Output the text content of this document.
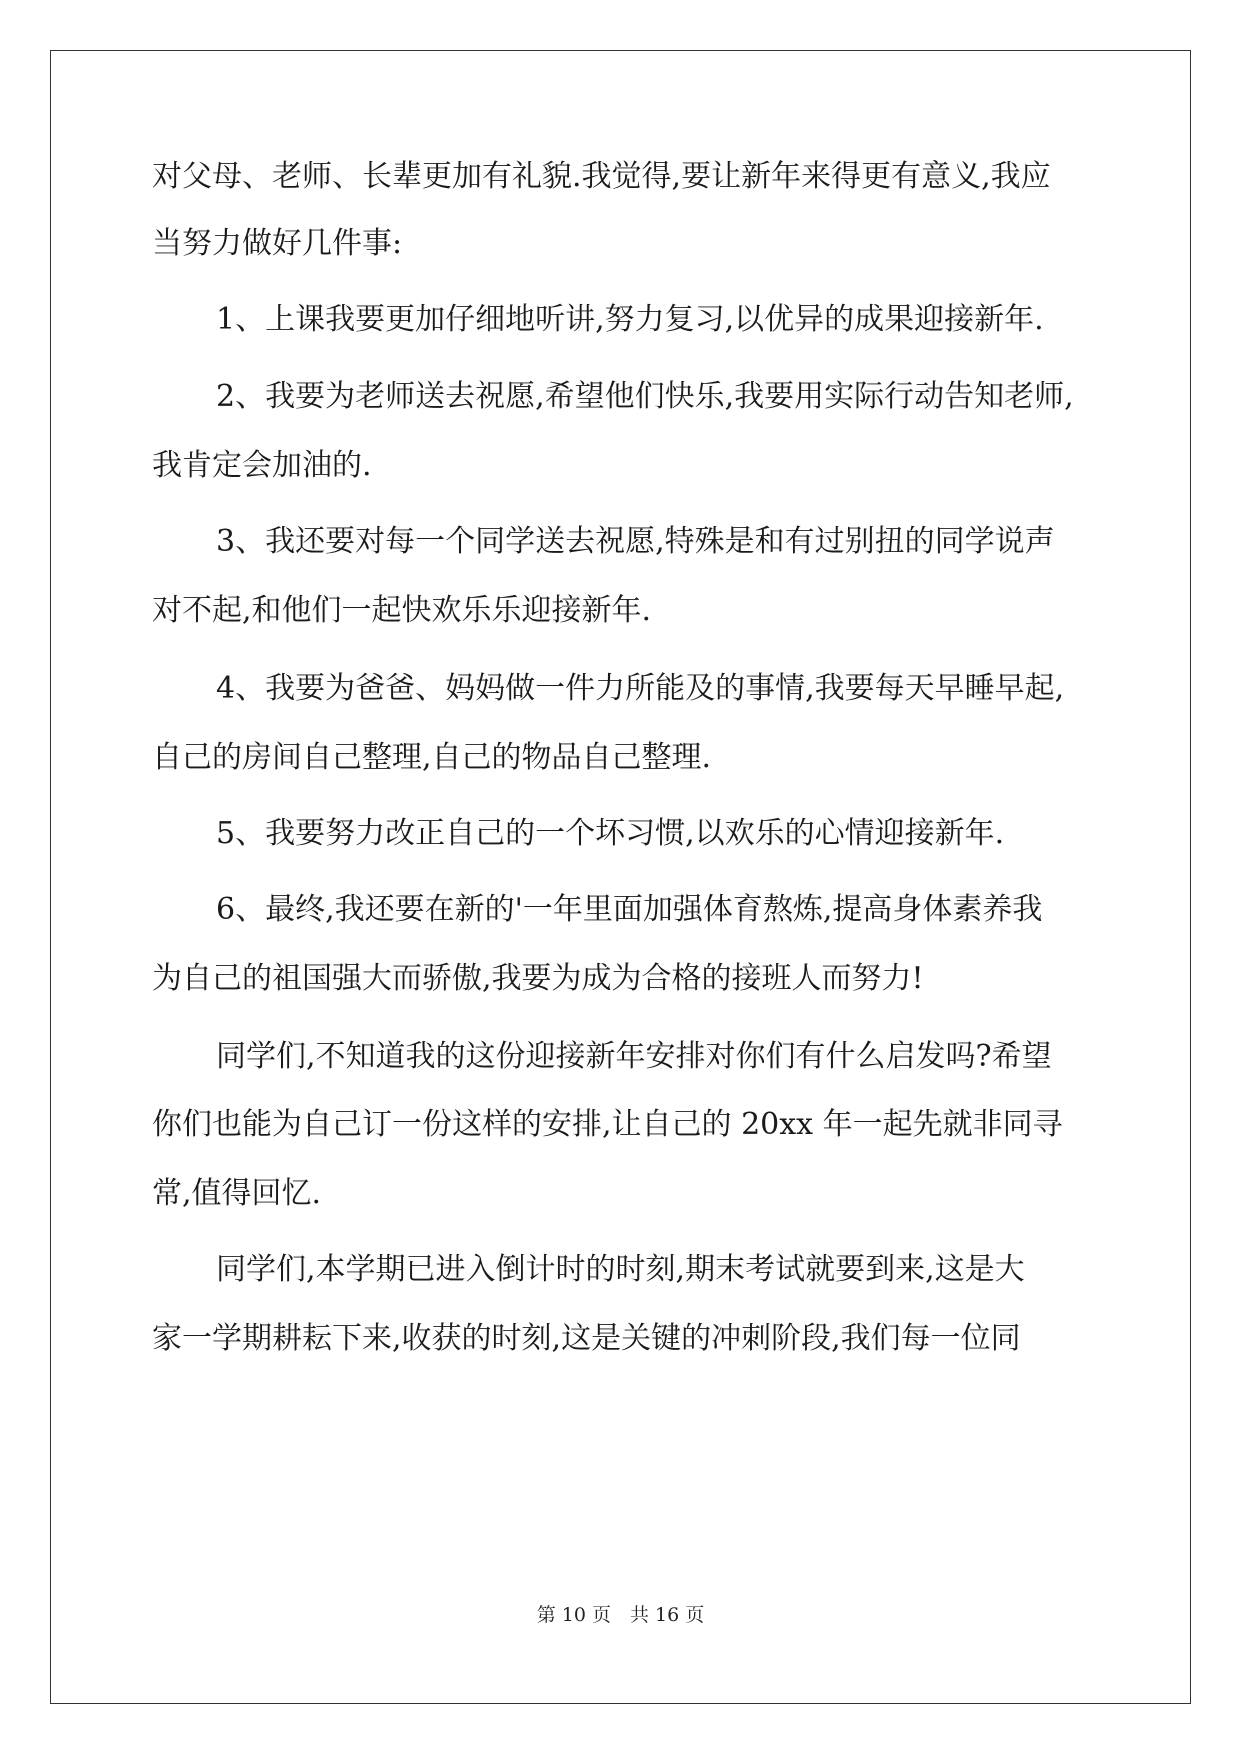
对父母、老师、长辈更加有礼貌.我觉得,要让新年来得更有意义,我应
当努力做好几件事:
1、上课我要更加仔细地听讲,努力复习,以优异的成果迎接新年.
2、我要为老师送去祝愿,希望他们快乐,我要用实际行动告知老师,
我肯定会加油的.
3、我还要对每一个同学送去祝愿,特殊是和有过别扭的同学说声
对不起,和他们一起快欢乐乐迎接新年.
4、我要为爸爸、妈妈做一件力所能及的事情,我要每天早睡早起,
自己的房间自己整理,自己的物品自己整理.
5、我要努力改正自己的一个坏习惯,以欢乐的心情迎接新年.
6、最终,我还要在新的'一年里面加强体育熬炼,提高身体素养我
为自己的祖国强大而骄傲,我要为成为合格的接班人而努力!
同学们,不知道我的这份迎接新年安排对你们有什么启发吗?希望
你们也能为自己订一份这样的安排,让自己的 20xx 年一起先就非同寻
常,值得回忆.
同学们,本学期已进入倒计时的时刻,期末考试就要到来,这是大
家一学期耕耘下来,收获的时刻,这是关键的冲刺阶段,我们每一位同
第 10 页　共 16 页
